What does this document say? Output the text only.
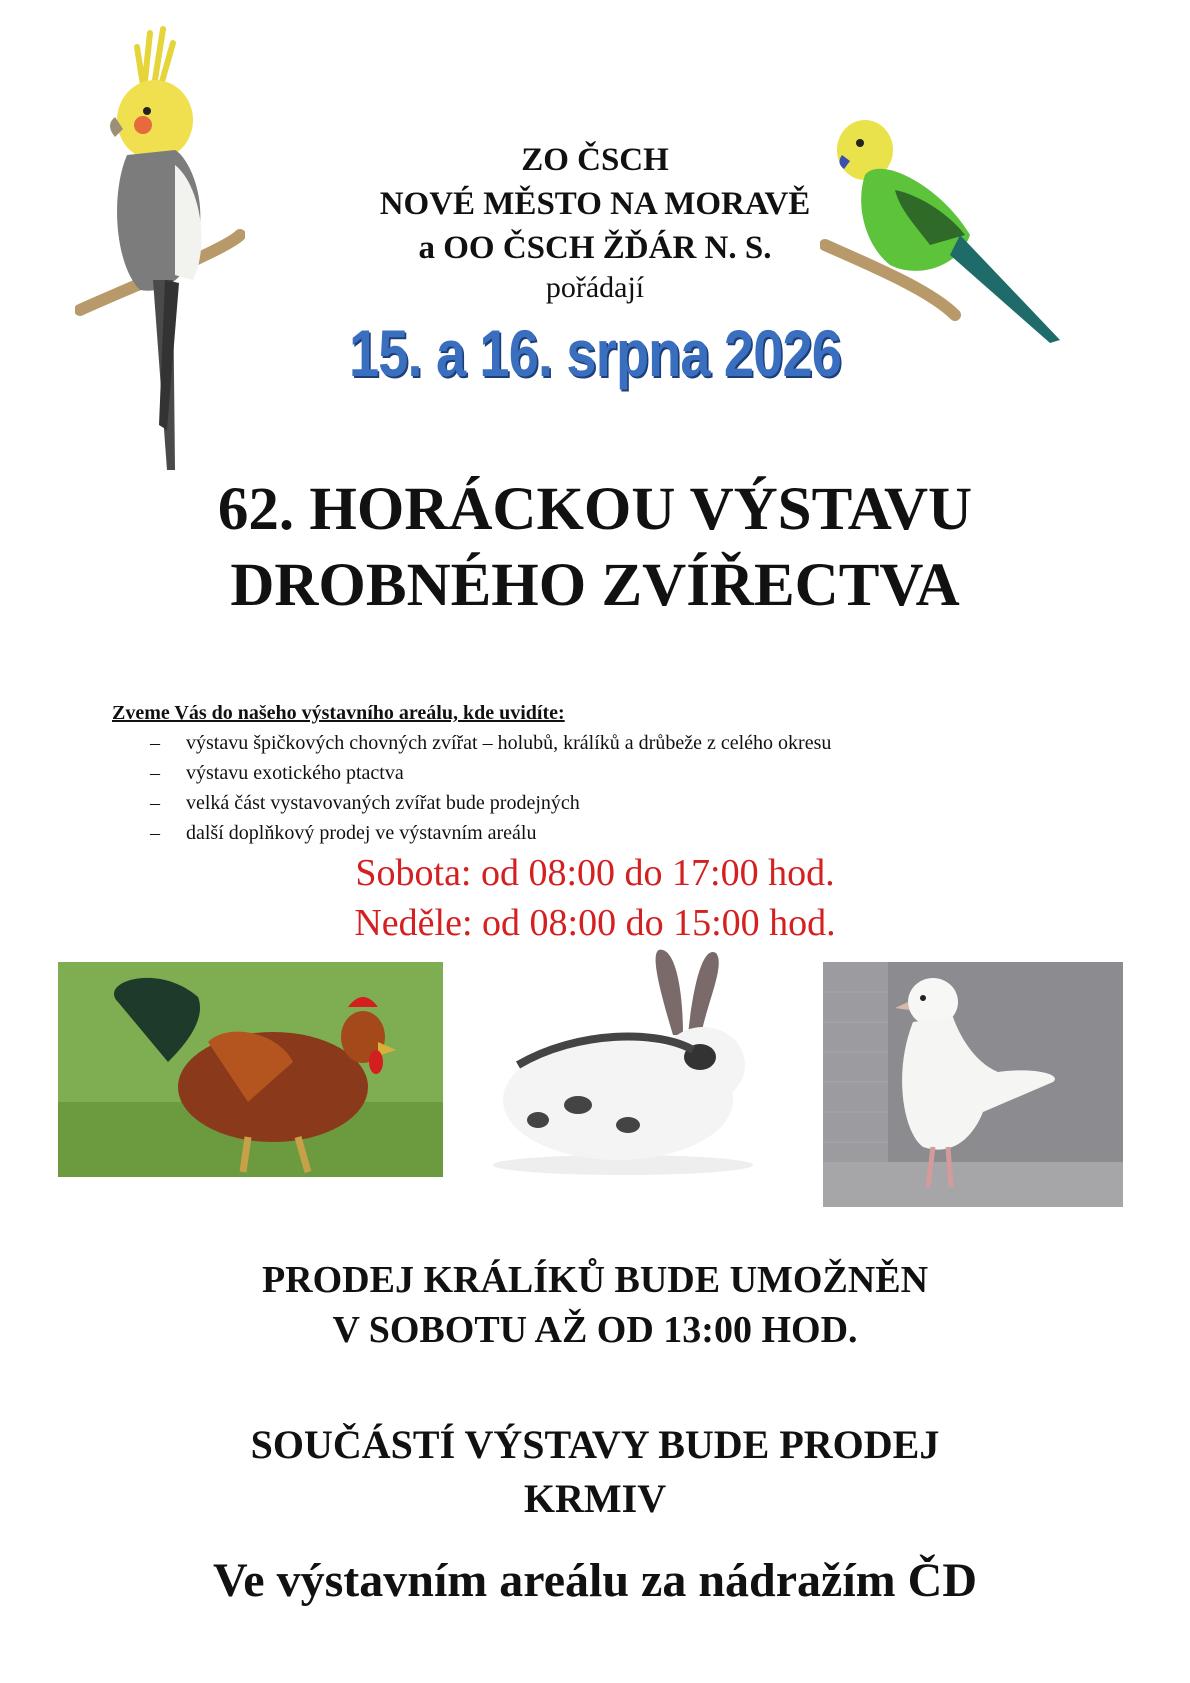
ZO ČSCH
NOVÉ MĚSTO NA MORAVĚ
a OO ČSCH ŽĎÁR N. S.
pořádají
15. a 16. srpna 2026
62. HORÁCKOU VÝSTAVU
DROBNÉHO ZVÍŘECTVA
Zveme Vás do našeho výstavního areálu, kde uvidíte:
– výstavu špičkových chovných zvířat – holubů, králíků a drůbeže z celého okresu
– výstavu exotického ptactva
– velká část vystavovaných zvířat bude prodejných
– další doplňkový prodej ve výstavním areálu
Sobota: od 08:00 do 17:00 hod.
Neděle: od 08:00 do 15:00 hod.
PRODEJ KRÁLÍKŮ BUDE UMOŽNĚN
V SOBOTU AŽ OD 13:00 HOD.
SOUČÁSTÍ VÝSTAVY BUDE PRODEJ
KRMIV
Ve výstavním areálu za nádražím ČD
